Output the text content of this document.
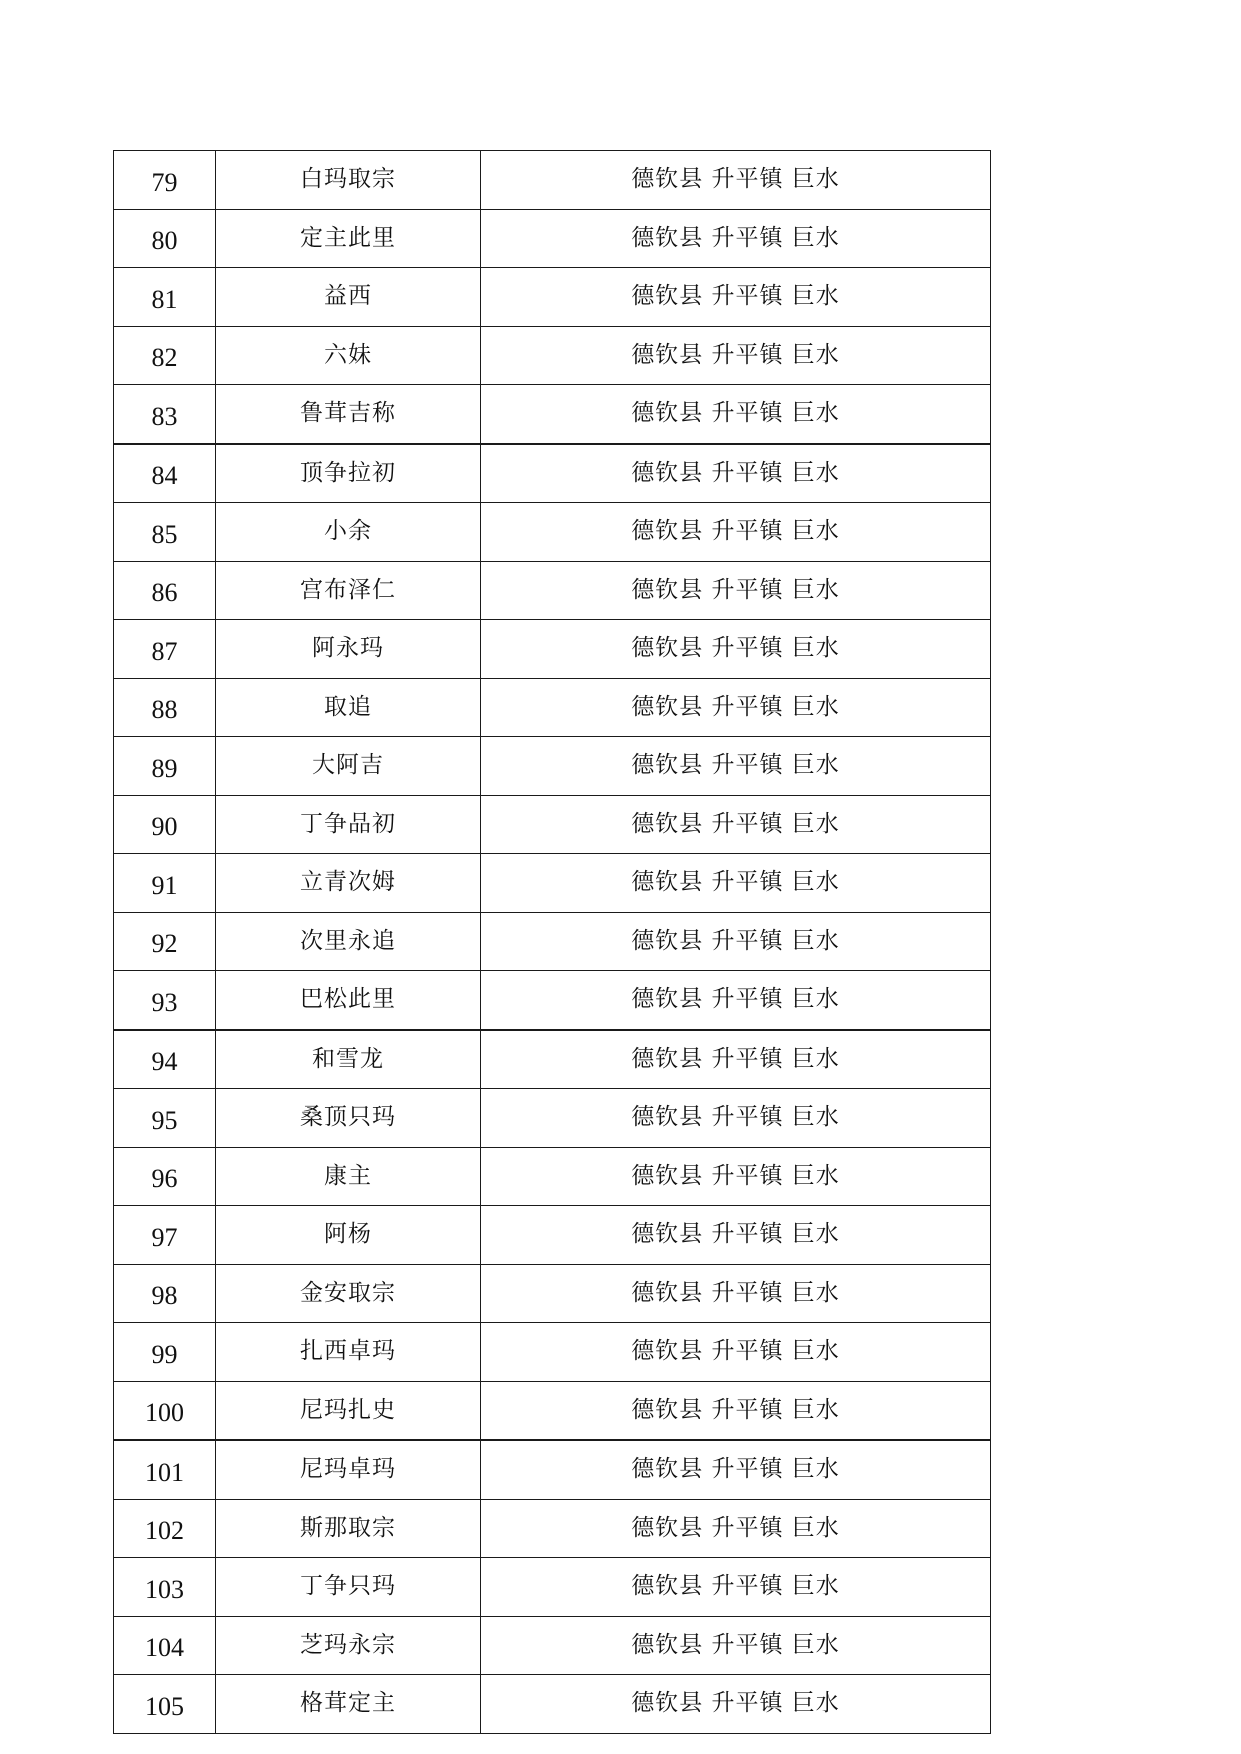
79	白玛取宗	德钦县 升平镇 巨水
80	定主此里	德钦县 升平镇 巨水
81	益西	德钦县 升平镇 巨水
82	六妹	德钦县 升平镇 巨水
83	鲁茸吉称	德钦县 升平镇 巨水
84	顶争拉初	德钦县 升平镇 巨水
85	小余	德钦县 升平镇 巨水
86	宫布泽仁	德钦县 升平镇 巨水
87	阿永玛	德钦县 升平镇 巨水
88	取追	德钦县 升平镇 巨水
89	大阿吉	德钦县 升平镇 巨水
90	丁争品初	德钦县 升平镇 巨水
91	立青次姆	德钦县 升平镇 巨水
92	次里永追	德钦县 升平镇 巨水
93	巴松此里	德钦县 升平镇 巨水
94	和雪龙	德钦县 升平镇 巨水
95	桑顶只玛	德钦县 升平镇 巨水
96	康主	德钦县 升平镇 巨水
97	阿杨	德钦县 升平镇 巨水
98	金安取宗	德钦县 升平镇 巨水
99	扎西卓玛	德钦县 升平镇 巨水
100	尼玛扎史	德钦县 升平镇 巨水
101	尼玛卓玛	德钦县 升平镇 巨水
102	斯那取宗	德钦县 升平镇 巨水
103	丁争只玛	德钦县 升平镇 巨水
104	芝玛永宗	德钦县 升平镇 巨水
105	格茸定主	德钦县 升平镇 巨水
